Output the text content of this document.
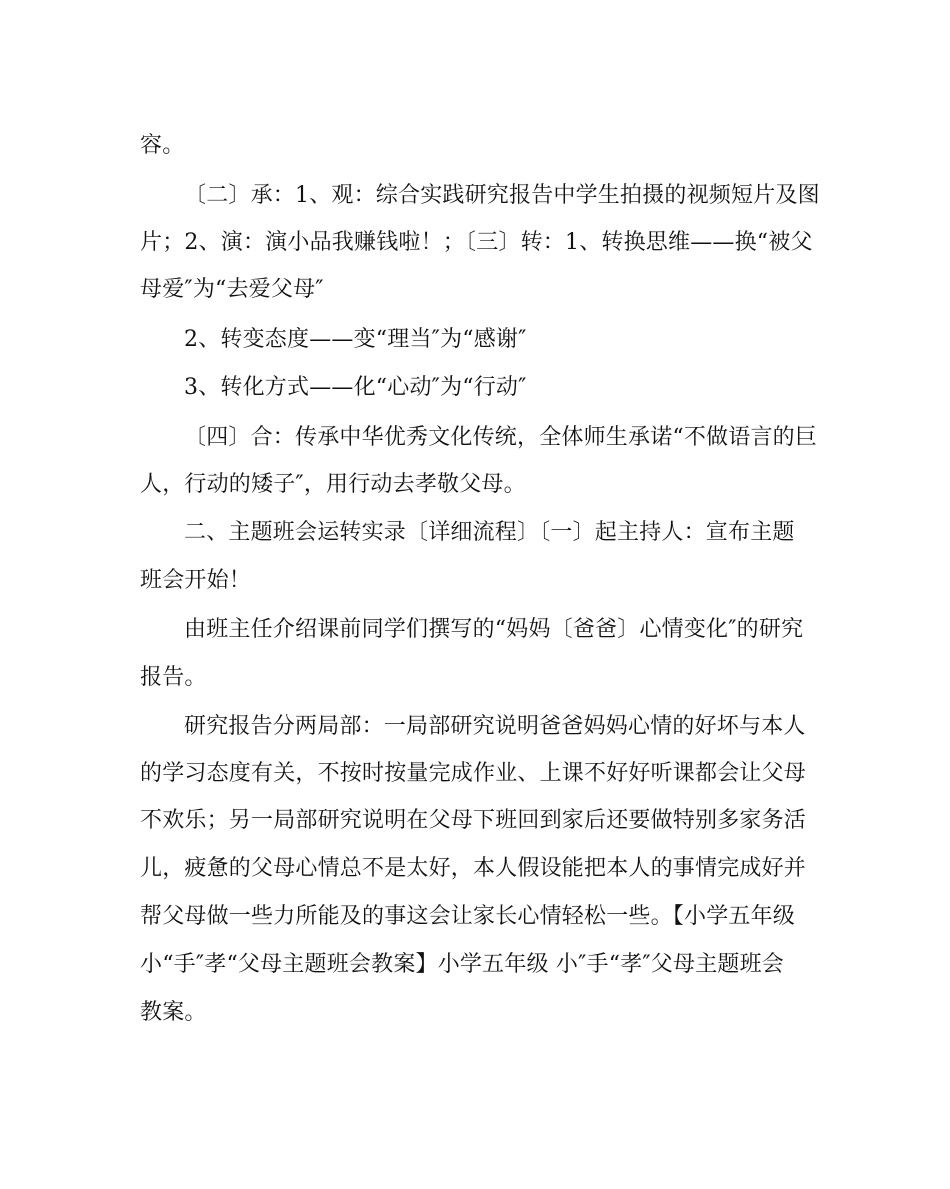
容。
〔二〕承：1、观：综合实践研究报告中学生拍摄的视频短片及图
片；2、演：演小品我赚钱啦！；〔三〕转：1、转换思维——换“被父
母爱″为“去爱父母″
2、转变态度——变“理当″为“感谢″
3、转化方式——化“心动″为“行动″
〔四〕合：传承中华优秀文化传统，全体师生承诺“不做语言的巨
人，行动的矮子″，用行动去孝敬父母。
二、主题班会运转实录〔详细流程〕〔一〕起主持人：宣布主题
班会开始！
由班主任介绍课前同学们撰写的“妈妈〔爸爸〕心情变化″的研究
报告。
研究报告分两局部：一局部研究说明爸爸妈妈心情的好坏与本人
的学习态度有关，不按时按量完成作业、上课不好好听课都会让父母
不欢乐；另一局部研究说明在父母下班回到家后还要做特别多家务活
儿，疲惫的父母心情总不是太好，本人假设能把本人的事情完成好并
帮父母做一些力所能及的事这会让家长心情轻松一些。【小学五年级
小“手″孝“父母主题班会教案】小学五年级 小″手“孝″父母主题班会
教案。
